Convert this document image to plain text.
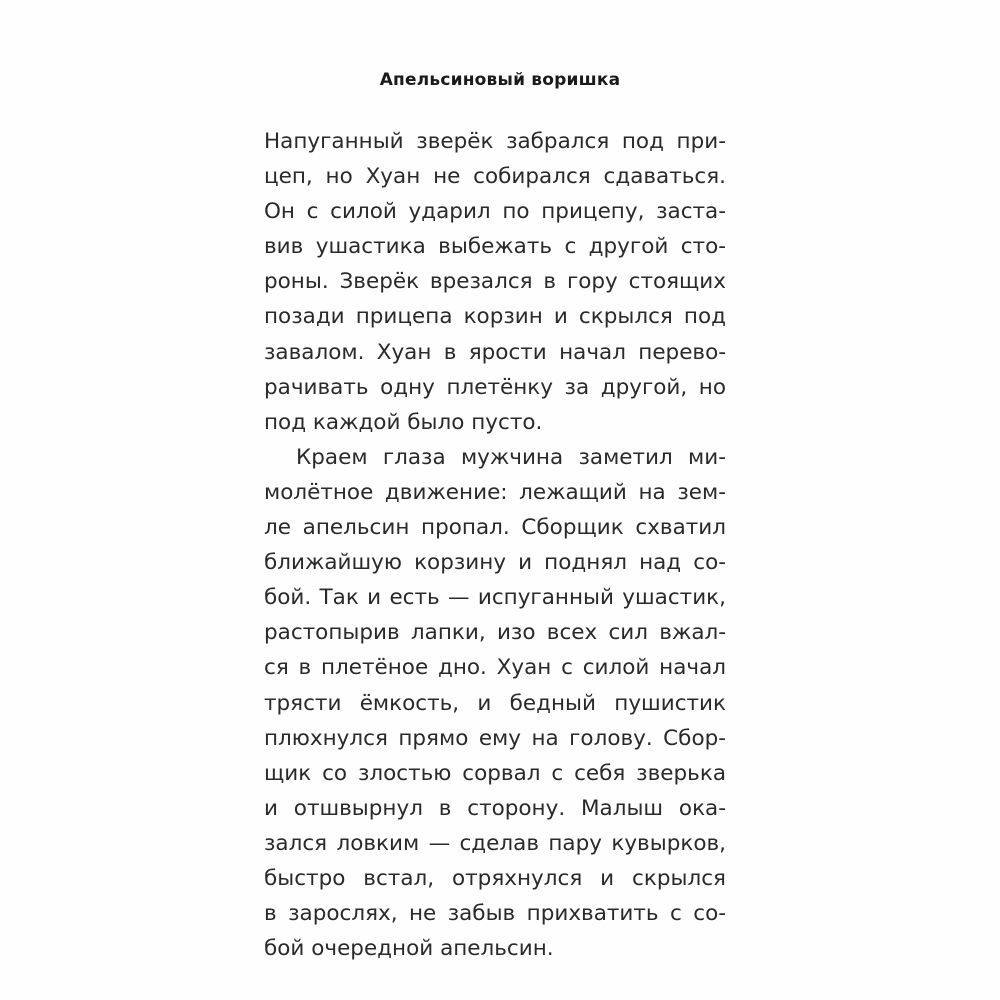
Апельсиновый воришка
Напуганный зверёк забрался под при-
цеп, но Хуан не собирался сдаваться.
Он с силой ударил по прицепу, заста-
вив ушастика выбежать с другой сто-
роны. Зверёк врезался в гору стоящих
позади прицепа корзин и скрылся под
завалом. Хуан в ярости начал перево-
рачивать одну плетёнку за другой, но
под каждой было пусто.
Краем глаза мужчина заметил ми-
молётное движение: лежащий на зем-
ле апельсин пропал. Сборщик схватил
ближайшую корзину и поднял над со-
бой. Так и есть — испуганный ушастик,
растопырив лапки, изо всех сил вжал-
ся в плетёное дно. Хуан с силой начал
трясти ёмкость, и бедный пушистик
плюхнулся прямо ему на голову. Сбор-
щик со злостью сорвал с себя зверька
и отшвырнул в сторону. Малыш ока-
зался ловким — сделав пару кувырков,
быстро встал, отряхнулся и скрылся
в зарослях, не забыв прихватить с со-
бой очередной апельсин.
